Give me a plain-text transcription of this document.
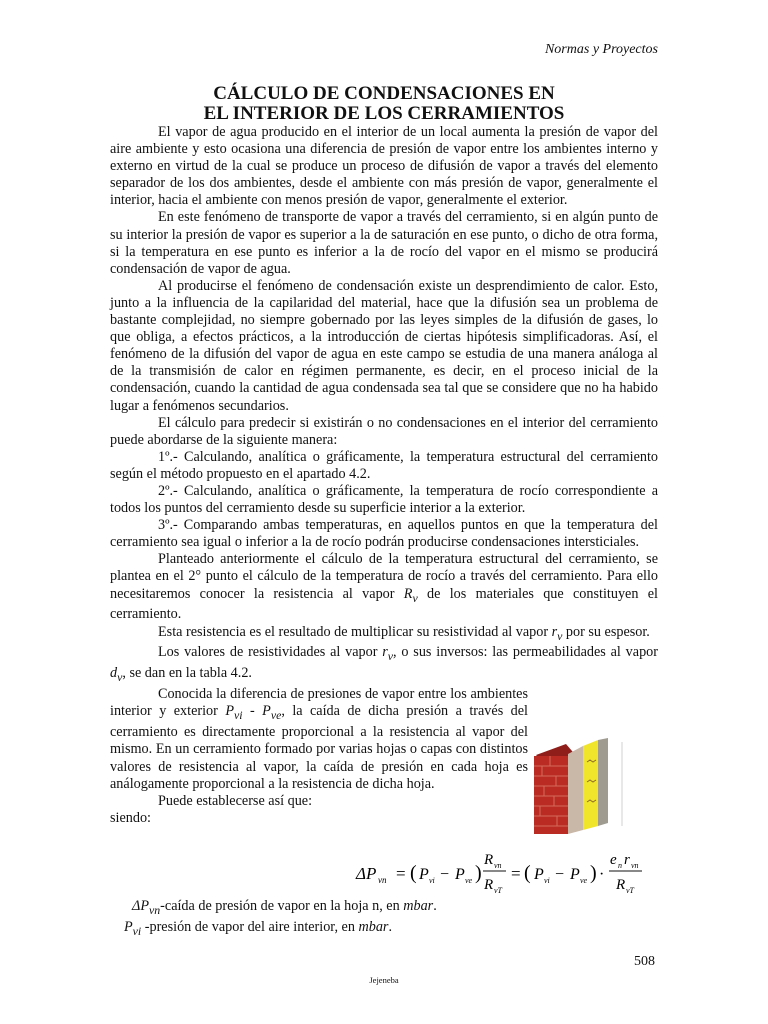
Normas y Proyectos
CÁLCULO DE CONDENSACIONES EN
EL INTERIOR DE LOS CERRAMIENTOS

El vapor de agua producido en el interior de un local aumenta la presión de vapor del aire ambiente y esto ocasiona una diferencia de presión de vapor entre los ambientes interno y externo en virtud de la cual se produce un proceso de difusión de vapor a través del elemento separador de los dos ambientes, desde el ambiente con más presión de vapor, generalmente el interior, hacia el ambiente con menos presión de vapor, generalmente el exterior.

En este fenómeno de transporte de vapor a través del cerramiento, si en algún punto de su interior la presión de vapor es superior a la de saturación en ese punto, o dicho de otra forma, si la temperatura en ese punto es inferior a la de rocío del vapor en el mismo se producirá condensación de vapor de agua.

Al producirse el fenómeno de condensación existe un desprendimiento de calor. Esto, junto a la influencia de la capilaridad del material, hace que la difusión sea un problema de bastante complejidad, no siempre gobernado por las leyes simples de la difusión de gases, lo que obliga, a efectos prácticos, a la introducción de ciertas hipótesis simplificadoras. Así, el fenómeno de la difusión del vapor de agua en este campo se estudia de una manera análoga al de la transmisión de calor en régimen permanente, es decir, en el proceso inicial de la condensación, cuando la cantidad de agua condensada sea tal que se considere que no ha habido lugar a fenómenos secundarios.

El cálculo para predecir si existirán o no condensaciones en el interior del cerramiento puede abordarse de la siguiente manera:

1º.- Calculando, analítica o gráficamente, la temperatura estructural del cerramiento según el método propuesto en el apartado 4.2.

2º.- Calculando, analítica o gráficamente, la temperatura de rocío correspondiente a todos los puntos del cerramiento desde su superficie interior a la exterior.

3º.- Comparando ambas temperaturas, en aquellos puntos en que la temperatura del cerramiento sea igual o inferior a la de rocío podrán producirse condensaciones intersticiales.

Planteado anteriormente el cálculo de la temperatura estructural del cerramiento, se plantea en el 2° punto el cálculo de la temperatura de rocío a través del cerramiento. Para ello necesitaremos conocer la resistencia al vapor $R_v$ de los materiales que constituyen el cerramiento.

Esta resistencia es el resultado de multiplicar su resistividad al vapor $r_v$ por su espesor.

Los valores de resistividades al vapor $r_v$, o sus inversos: las permeabilidades al vapor $d_v$, se dan en la tabla 4.2.

Conocida la diferencia de presiones de vapor entre los ambientes interior y exterior $P_{vi} - P_{ve}$, la caída de dicha presión a través del cerramiento es directamente proporcional a la resistencia al vapor del mismo. En un cerramiento formado por varias hojas o capas con distintos valores de resistencia al vapor, la caída de presión en cada hoja es análogamente proporcional a la resistencia de dicha hoja.

Puede establecerse así que:

siendo:

ΔP vn = ( P vi − P ve )
R vn
R vT
= ( P vi − P ve ) ·
e n r vn
R vT
$\Delta P_{vn}$-caída de presión de vapor en la hoja n, en mbar.
$P_{vi}$ -presión de vapor del aire interior, en mbar.
508
Jejeneba
